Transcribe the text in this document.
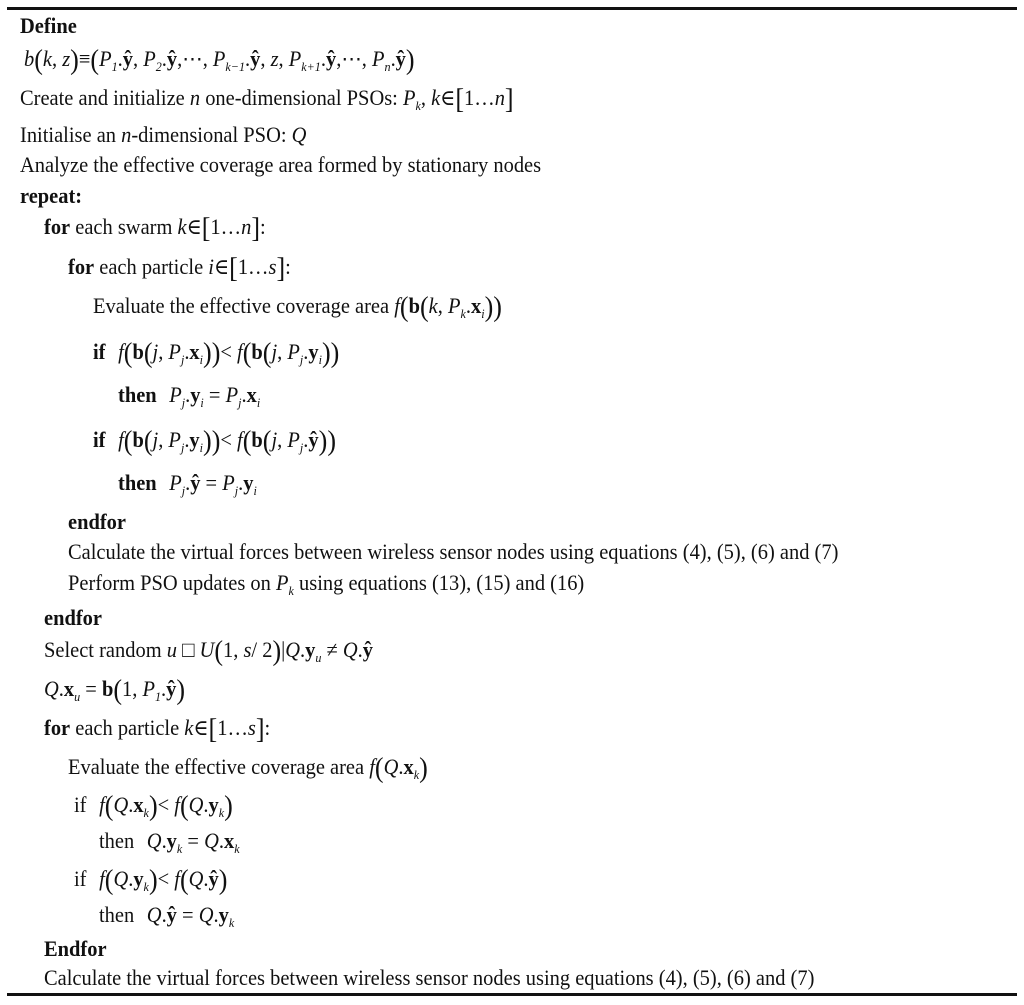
Define
b(k, $z)\equiv(P_1.ŷ$, $P_2.ŷ,\cdots$, $P_{k-1}.ŷ$, z, $P_{k+1}.ŷ,\cdots$, $P_n.ŷ$)
Create and initialize n one-dimensional PSOs: $P_k$, k∈[1…n]
Initialise an n-dimensional PSO: Q
Analyze the effective coverage area formed by stationary nodes
repeat:
for each swarm k∈[1…n]:
for each particle i∈[1…s]:
Evaluate the effective coverage area f(b(k, $P_k.x_i$))
if f(b(j, $P_j.x_i))< f(b(j$, $P_j.y_i$))
then $P_j.y_i = P_j.x_i$
if f(b(j, $P_j.y_i))< f(b(j$, $P_j.ŷ$))
then $P_j.ŷ = P_j.y_i$
endfor
Calculate the virtual forces between wireless sensor nodes using equations (4), (5), (6) and (7)
Perform PSO updates on $P_k$ using equations (13), (15) and (16)
endfor
Select random u □ U(1, s/ $2)|Q.y_u$ ≠ Q.ŷ
$Q.x_u = b(1$, $P_1.ŷ$)
for each particle k∈[1…s]:
Evaluate the effective coverage area $f(Q.x_k)$
if $f(Q.x_k)< f(Q.y_k)$
then $Q.y_k = Q.x_k$
if $f(Q.y_k)<$ f(Q.ŷ)
then Q.ŷ = $Q.y_k$
Endfor
Calculate the virtual forces between wireless sensor nodes using equations (4), (5), (6) and (7)
